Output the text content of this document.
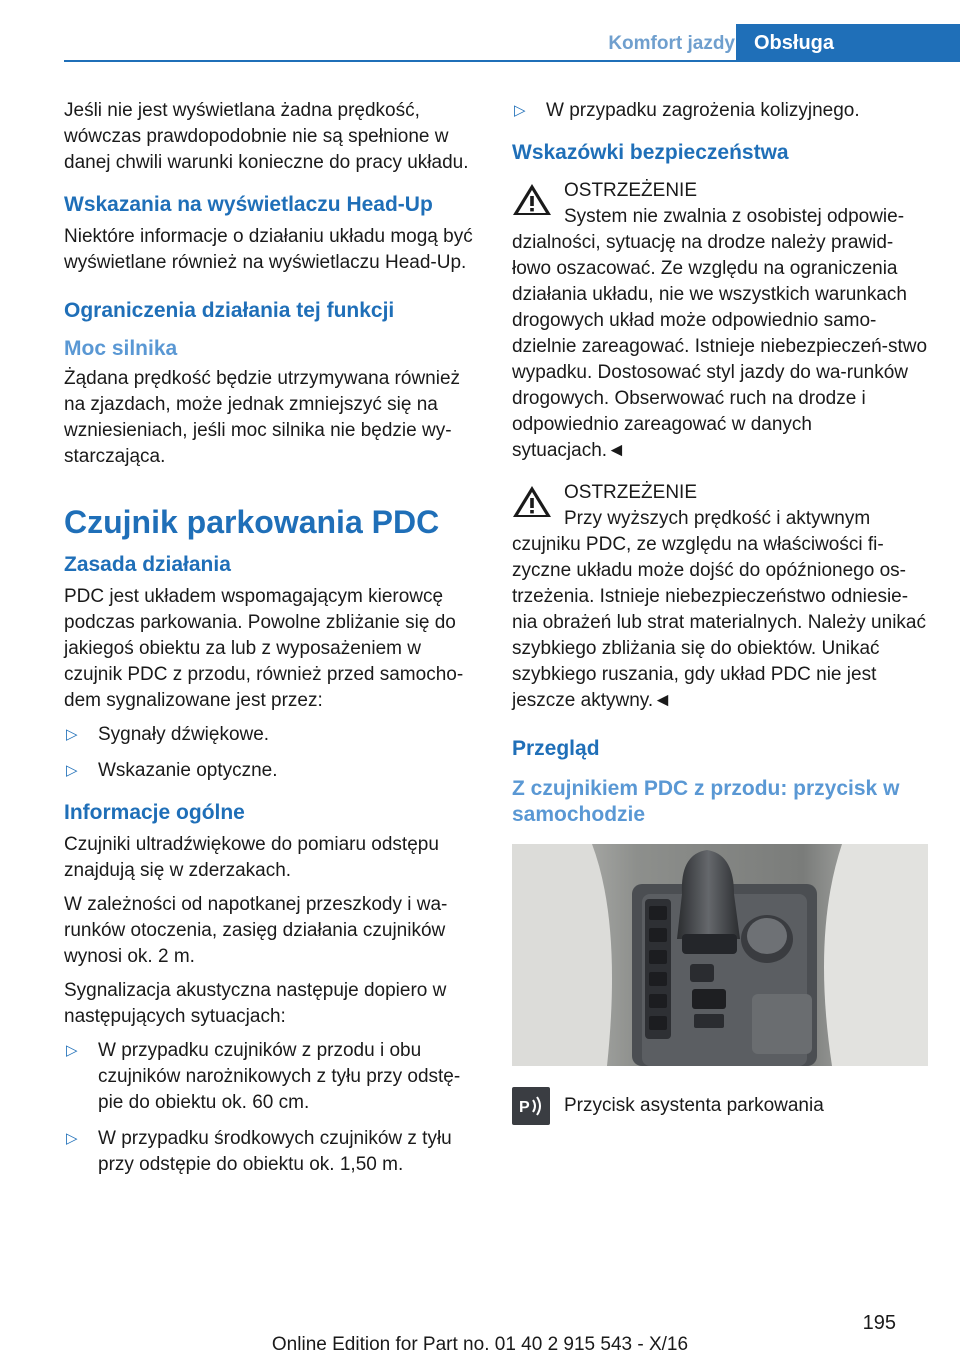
Komfort jazdy Obsługa

Jeśli nie jest wyświetlana żadna prędkość, wówczas prawdopodobnie nie są spełnione w danej chwili warunki konieczne do pracy układu.

Wskazania na wyświetlaczu Head-Up

Niektóre informacje o działaniu układu mogą być wyświetlane również na wyświetlaczu Head-Up.

Ograniczenia działania tej funkcji
Moc silnika

Żądana prędkość będzie utrzymywana również na zjazdach, może jednak zmniejszyć się na wzniesieniach, jeśli moc silnika nie będzie wy-starczająca.

Czujnik parkowania PDC
Zasada działania

PDC jest układem wspomagającym kierowcę podczas parkowania. Powolne zbliżanie się do jakiegoś obiektu za lub z wyposażeniem w czujnik PDC z przodu, również przed samocho-dem sygnalizowane jest przez:

▷ Sygnały dźwiękowe.
▷ Wskazanie optyczne.
Informacje ogólne

Czujniki ultradźwiękowe do pomiaru odstępu znajdują się w zderzakach.

W zależności od napotkanej przeszkody i wa-runków otoczenia, zasięg działania czujników wynosi ok. 2 m.

Sygnalizacja akustyczna następuje dopiero w następujących sytuacjach:

▷ W przypadku czujników z przodu i obu czujników narożnikowych z tyłu przy odstę-pie do obiektu ok. 60 cm.
▷ W przypadku środkowych czujników z tyłu przy odstępie do obiektu ok. 1,50 m.
▷ W przypadku zagrożenia kolizyjnego.
Wskazówki bezpieczeństwa
OSTRZEŻENIE
System nie zwalnia z osobistej odpowie-dzialności, sytuację na drodze należy prawid-łowo oszacować. Ze względu na ograniczenia działania układu, nie we wszystkich warunkach drogowych układ może odpowiednio samo-dzielnie zareagować. Istnieje niebezpieczeń-stwo wypadku. Dostosować styl jazdy do wa-runków drogowych. Obserwować ruch na drodze i odpowiednio zareagować w danych sytuacjach.◄
OSTRZEŻENIE
Przy wyższych prędkość i aktywnym czujniku PDC, ze względu na właściwości fi-zyczne układu może dojść do opóźnionego os-trzeżenia. Istnieje niebezpieczeństwo odniesie-nia obrażeń lub strat materialnych. Należy unikać szybkiego zbliżania się do obiektów. Unikać szybkiego ruszania, gdy układ PDC nie jest jeszcze aktywny.◄
Przegląd
Z czujnikiem PDC z przodu: przycisk w samochodzie
P Przycisk asystenta parkowania

195
Online Edition for Part no. 01 40 2 915 543 - X/16
